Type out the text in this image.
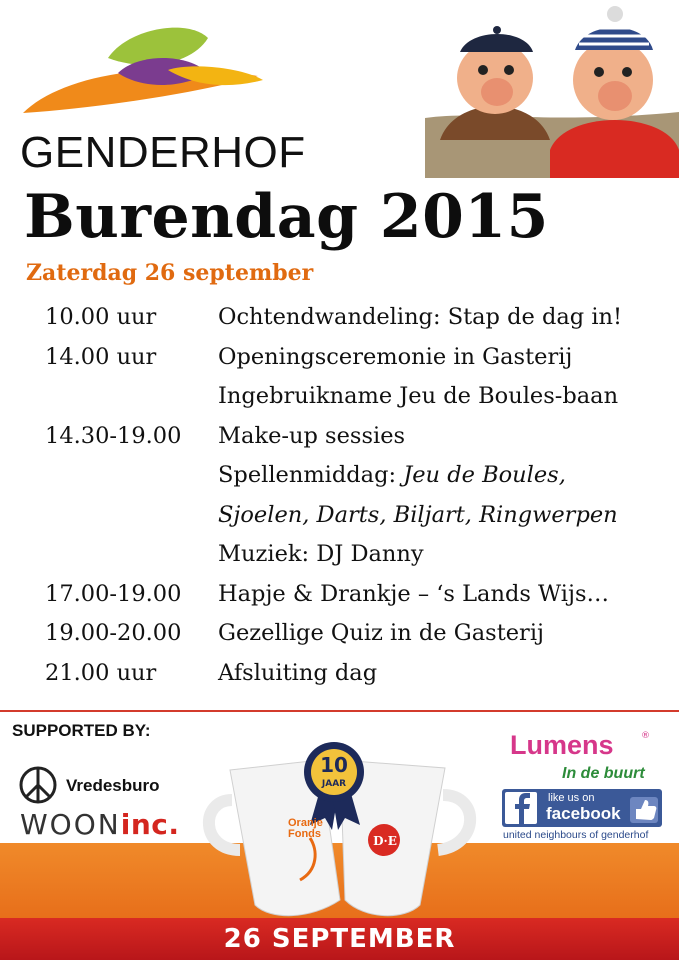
GENDERHOF
Burendag 2015
Zaterdag 26 september
10.00 uur	Ochtendwandeling: Stap de dag in!
14.00 uur	Openingsceremonie in Gasterij
Ingebruikname Jeu de Boules-baan
14.30-19.00 Make-up sessies
Spellenmiddag: Jeu de Boules,
Sjoelen, Darts, Biljart, Ringwerpen
Muziek: DJ Danny
17.00-19.00 Hapje & Drankje – ‘s Lands Wijs…
19.00-20.00 Gezellige Quiz in de Gasterij
21.00 uur	Afsluiting dag
26 SEPTEMBER
SUPPORTED BY:
Vredesburo
WOONinc.
10
JAAR
Oranje
Fonds	D·E
Lumens	®
In de buurt
like us on
facebook
united neighbours of genderhof
